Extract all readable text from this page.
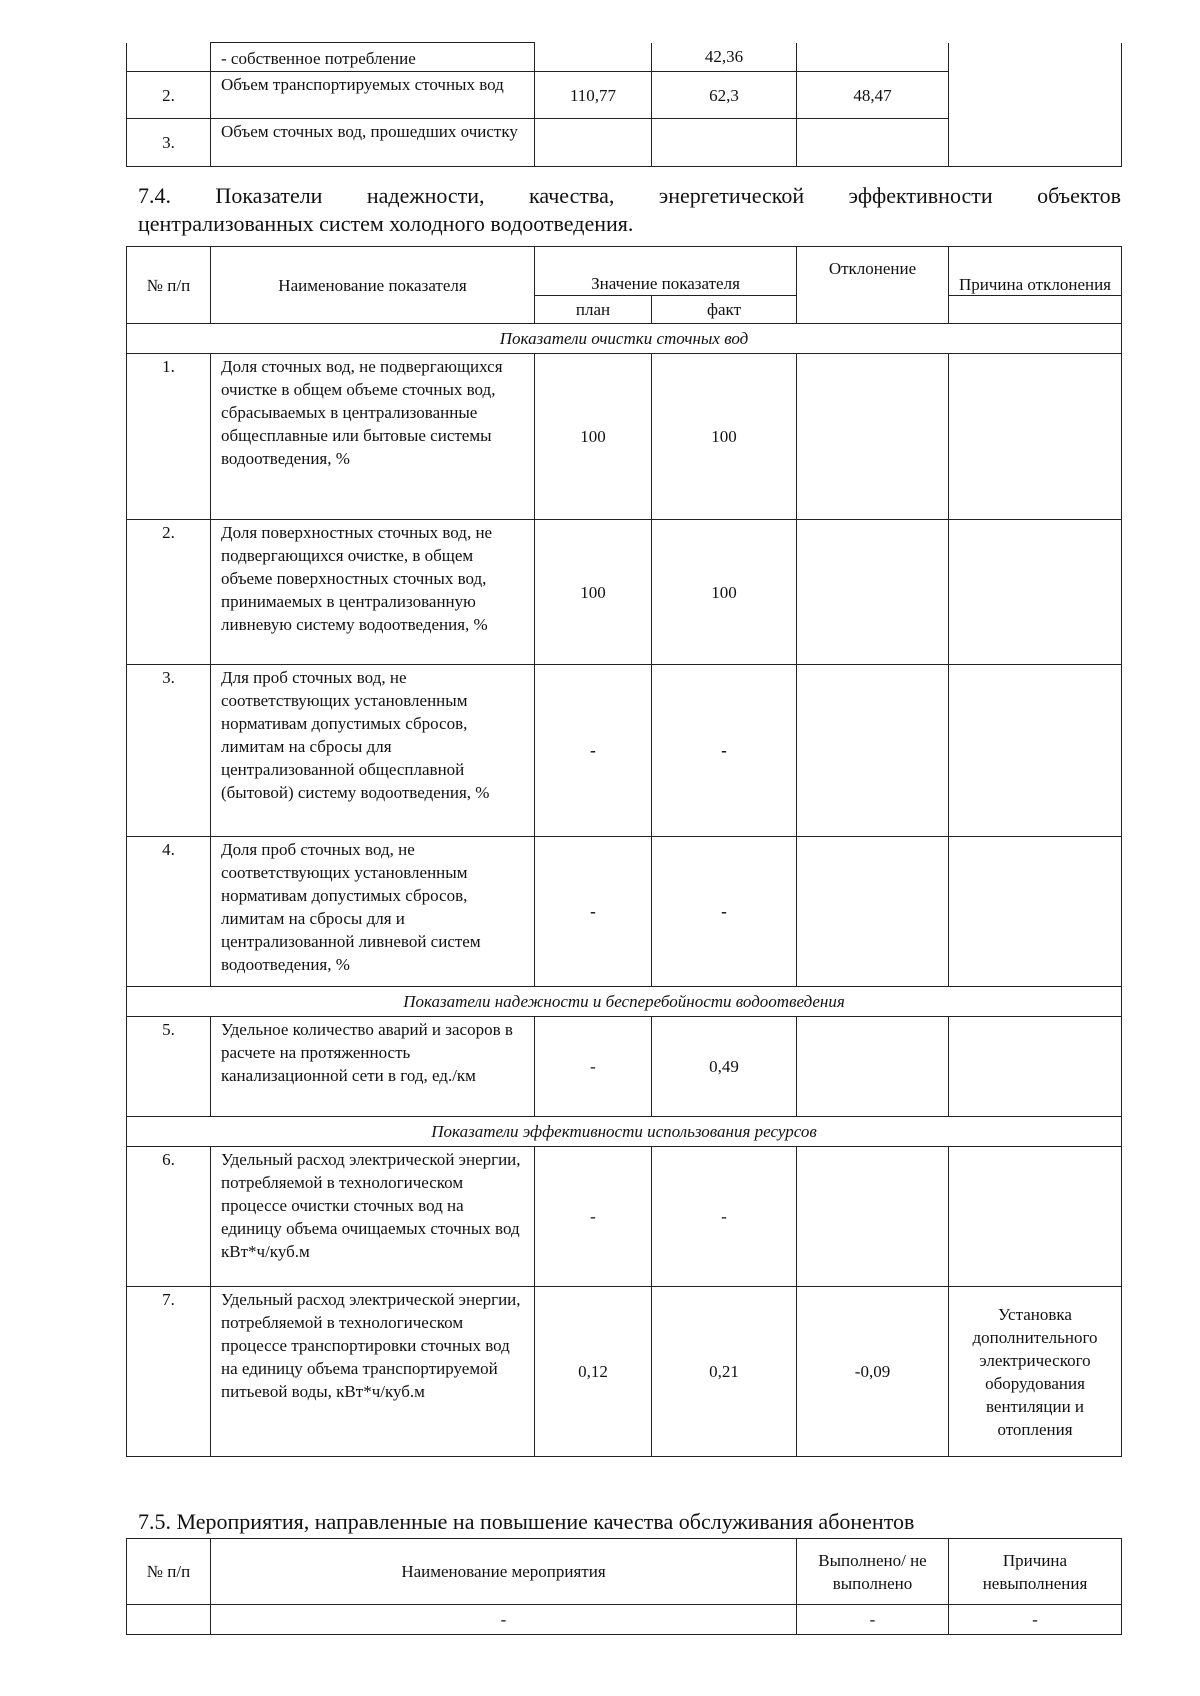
	- собственное потребление		42,36		
2.	Объем транспортируемых сточных вод	110,77	62,3	48,47	
3.	Объем сточных вод, прошедших очистку				

7.4. Показатели надежности, качества, энергетической эффективности объектов
централизованных систем холодного водоотведения.

№ п/п	Наименование показателя	Значение показателя		Отклонение	Причина отклонения
		план	факт		
Показатели очистки сточных вод					
1.	Доля сточных вод, не подвергающихся очистке в общем объеме сточных вод, сбрасываемых в централизованные общесплавные или бытовые системы водоотведения, %	100	100		
2.	Доля поверхностных сточных вод, не подвергающихся очистке, в общем объеме поверхностных сточных вод, принимаемых в централизованную ливневую систему водоотведения, %	100	100		
3.	Для проб сточных вод, не соответствующих установленным нормативам допустимых сбросов, лимитам на сбросы для централизованной общесплавной (бытовой) систему водоотведения, %	-	-		
4.	Доля проб сточных вод, не соответствующих установленным нормативам допустимых сбросов, лимитам на сбросы для и централизованной ливневой систем водоотведения, %	-	-		
Показатели надежности и бесперебойности водоотведения					
5.	Удельное количество аварий и засоров в расчете на протяженность канализационной сети в год, ед./км	-	0,49		
Показатели эффективности использования ресурсов					
6.	Удельный расход электрической энергии, потребляемой в технологическом процессе очистки сточных вод на единицу объема очищаемых сточных вод кВт*ч/куб.м	-	-		
7.	Удельный расход электрической энергии, потребляемой в технологическом процессе транспортировки сточных вод на единицу объема транспортируемой питьевой воды, кВт*ч/куб.м	0,12	0,21	-0,09	Установка дополнительного электрического оборудования вентиляции и отопления

7.5. Мероприятия, направленные на повышение качества обслуживания абонентов

№ п/п	Наименование мероприятия	Выполнено/ не выполнено	Причина невыполнения
	-	-	-
